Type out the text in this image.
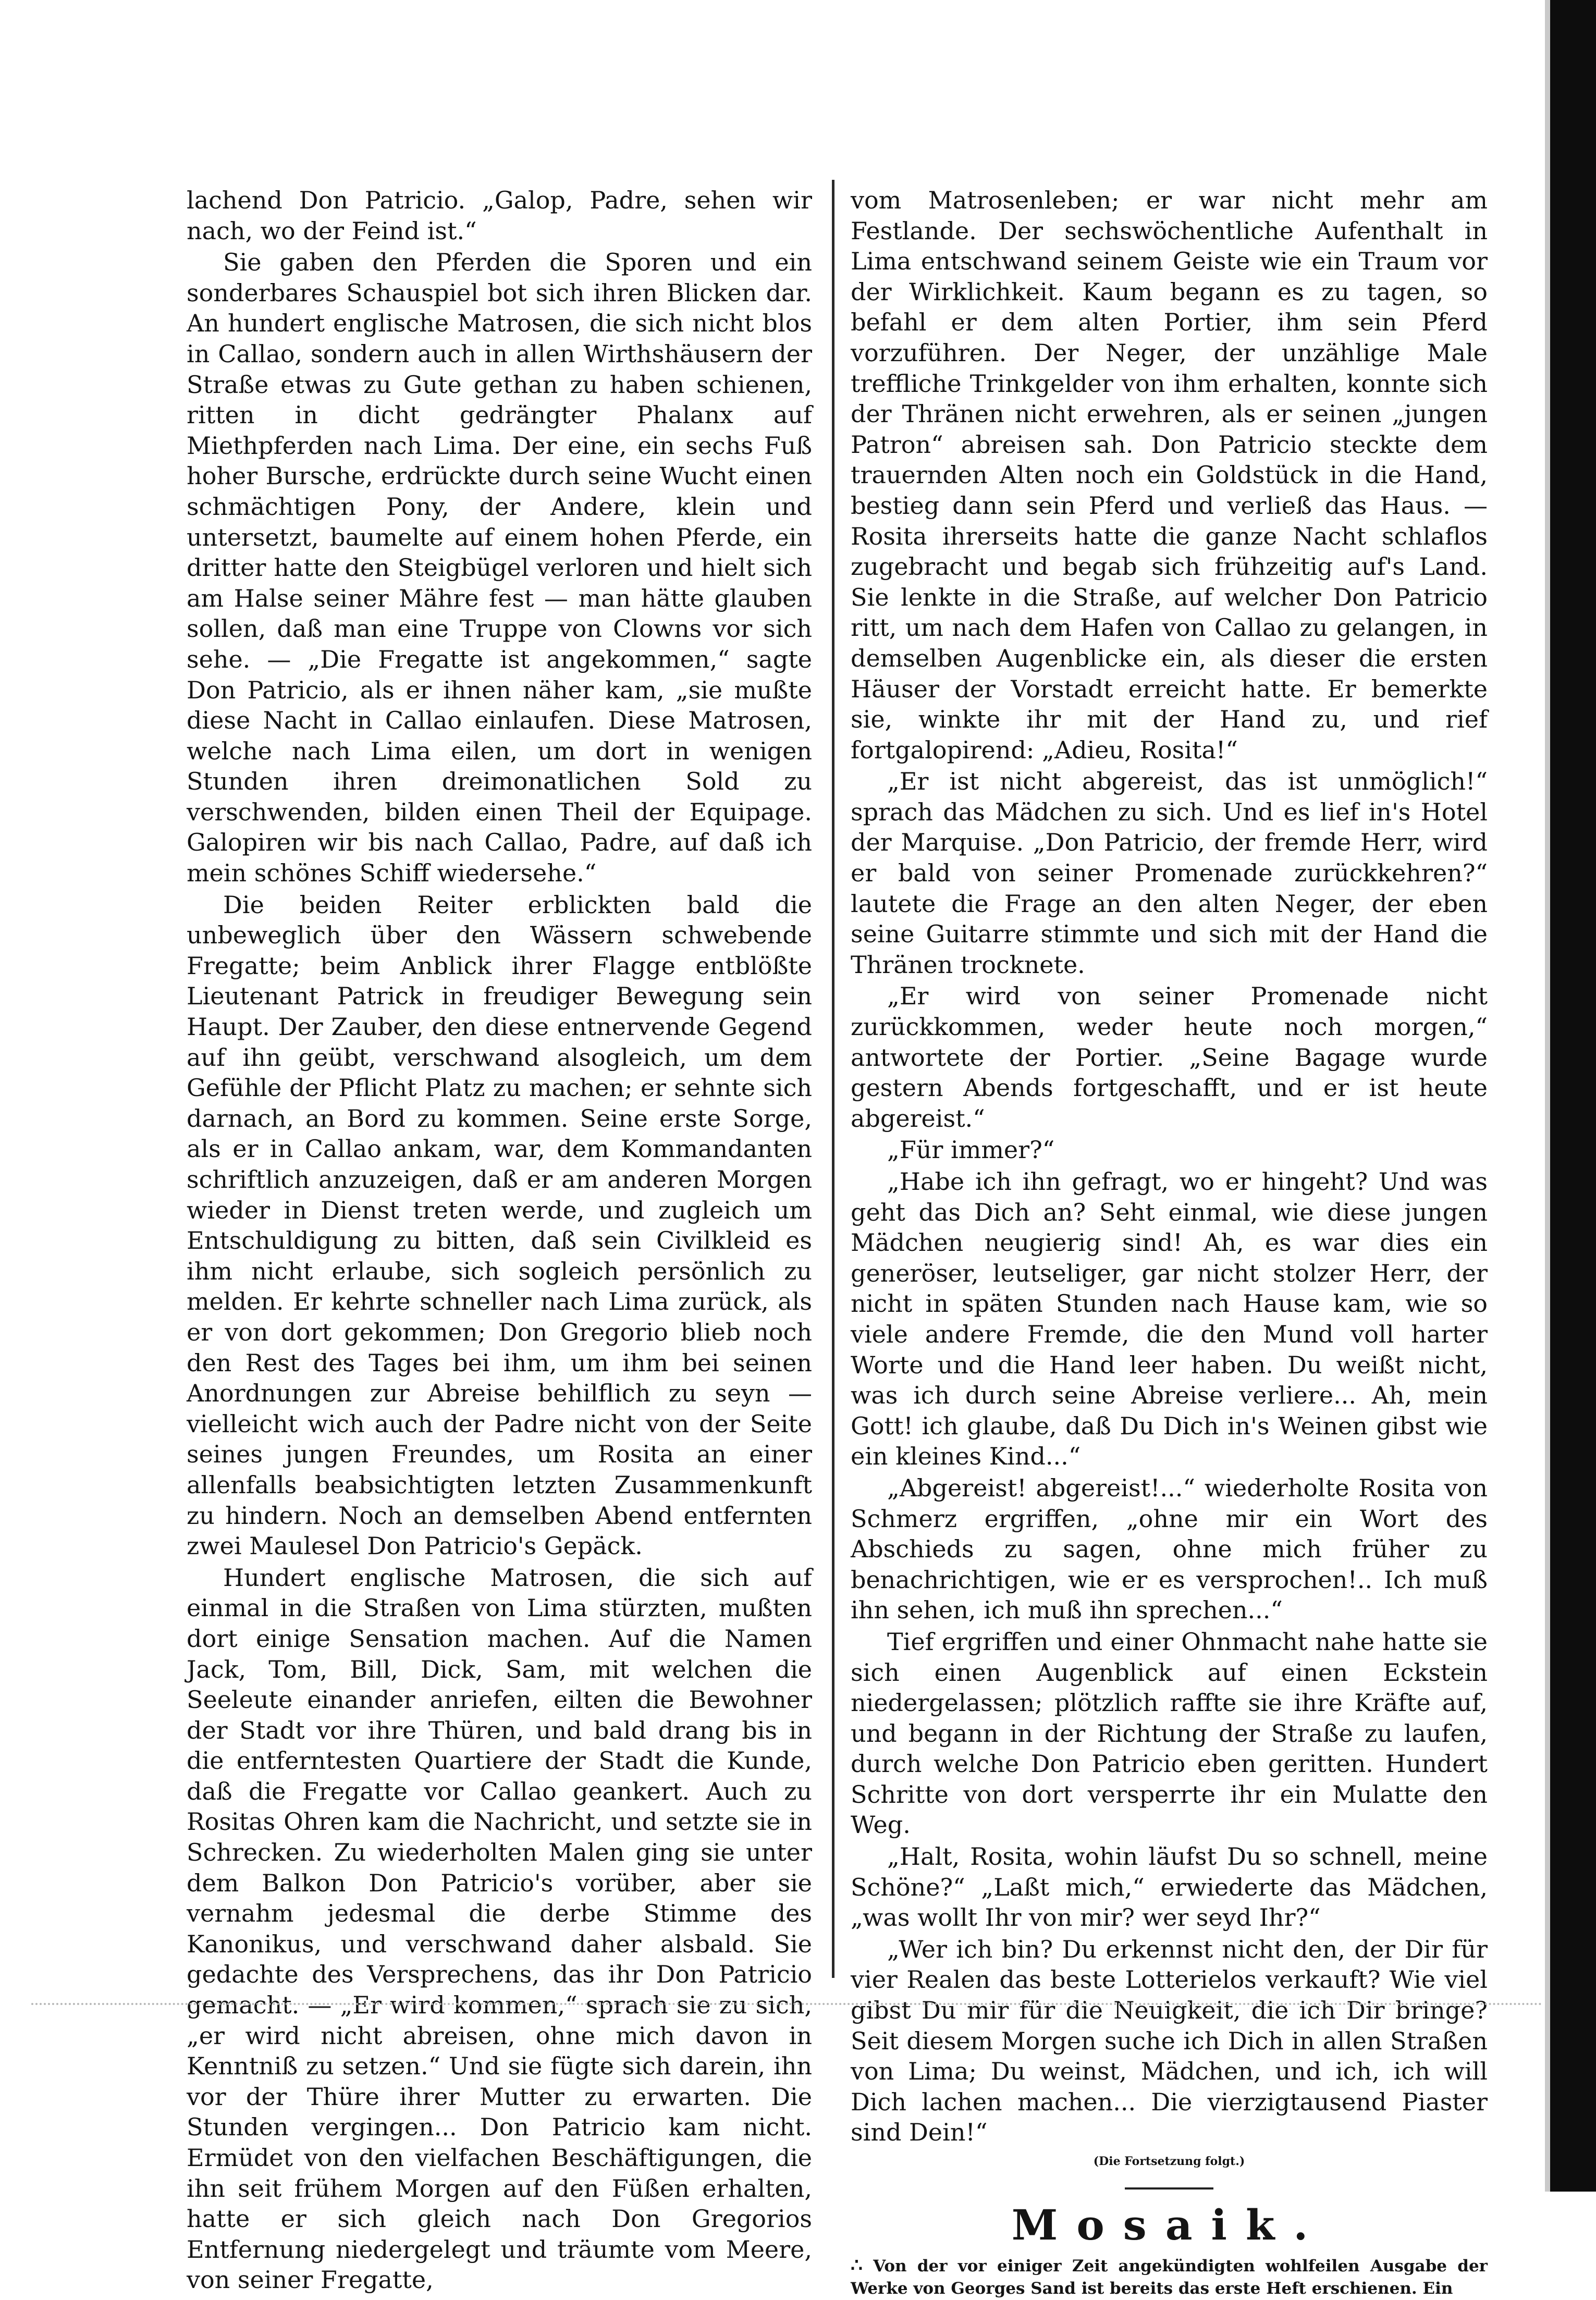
lachend Don Patricio. „Galop, Padre, sehen wir nach, wo der Feind ist.“

Sie gaben den Pferden die Sporen und ein sonderbares Schauspiel bot sich ihren Blicken dar. An hundert englische Matrosen, die sich nicht blos in Callao, sondern auch in allen Wirthshäusern der Straße etwas zu Gute gethan zu haben schienen, ritten in dicht gedrängter Phalanx auf Miethpferden nach Lima. Der eine, ein sechs Fuß hoher Bursche, erdrückte durch seine Wucht einen schmächtigen Pony, der Andere, klein und untersetzt, baumelte auf einem hohen Pferde, ein dritter hatte den Steigbügel verloren und hielt sich am Halse seiner Mähre fest — man hätte glauben sollen, daß man eine Truppe von Clowns vor sich sehe. — „Die Fregatte ist angekommen,“ sagte Don Patricio, als er ihnen näher kam, „sie mußte diese Nacht in Callao einlaufen. Diese Matrosen, welche nach Lima eilen, um dort in wenigen Stunden ihren dreimonatlichen Sold zu verschwenden, bilden einen Theil der Equipage. Galopiren wir bis nach Callao, Padre, auf daß ich mein schönes Schiff wiedersehe.“

Die beiden Reiter erblickten bald die unbeweglich über den Wässern schwebende Fregatte; beim Anblick ihrer Flagge entblößte Lieutenant Patrick in freudiger Bewegung sein Haupt. Der Zauber, den diese entnervende Gegend auf ihn geübt, verschwand alsogleich, um dem Gefühle der Pflicht Platz zu machen; er sehnte sich darnach, an Bord zu kommen. Seine erste Sorge, als er in Callao ankam, war, dem Kommandanten schriftlich anzuzeigen, daß er am anderen Morgen wieder in Dienst treten werde, und zugleich um Entschuldigung zu bitten, daß sein Civilkleid es ihm nicht erlaube, sich sogleich persönlich zu melden. Er kehrte schneller nach Lima zurück, als er von dort gekommen; Don Gregorio blieb noch den Rest des Tages bei ihm, um ihm bei seinen Anordnungen zur Abreise behilflich zu seyn — vielleicht wich auch der Padre nicht von der Seite seines jungen Freundes, um Rosita an einer allenfalls beabsichtigten letzten Zusammenkunft zu hindern. Noch an demselben Abend entfernten zwei Maulesel Don Patricio's Gepäck.

Hundert englische Matrosen, die sich auf einmal in die Straßen von Lima stürzten, mußten dort einige Sensation machen. Auf die Namen Jack, Tom, Bill, Dick, Sam, mit welchen die Seeleute einander anriefen, eilten die Bewohner der Stadt vor ihre Thüren, und bald drang bis in die entferntesten Quartiere der Stadt die Kunde, daß die Fregatte vor Callao geankert. Auch zu Rositas Ohren kam die Nachricht, und setzte sie in Schrecken. Zu wiederholten Malen ging sie unter dem Balkon Don Patricio's vorüber, aber sie vernahm jedesmal die derbe Stimme des Kanonikus, und verschwand daher alsbald. Sie gedachte des Versprechens, das ihr Don Patricio gemacht. — „Er wird kommen,“ sprach sie zu sich, „er wird nicht abreisen, ohne mich davon in Kenntniß zu setzen.“ Und sie fügte sich darein, ihn vor der Thüre ihrer Mutter zu erwarten. Die Stunden vergingen... Don Patricio kam nicht. Ermüdet von den vielfachen Beschäftigungen, die ihn seit frühem Morgen auf den Füßen erhalten, hatte er sich gleich nach Don Gregorios Entfernung niedergelegt und träumte vom Meere, von seiner Fregatte,

vom Matrosenleben; er war nicht mehr am Festlande. Der sechswöchentliche Aufenthalt in Lima entschwand seinem Geiste wie ein Traum vor der Wirklichkeit. Kaum begann es zu tagen, so befahl er dem alten Portier, ihm sein Pferd vorzuführen. Der Neger, der unzählige Male treffliche Trinkgelder von ihm erhalten, konnte sich der Thränen nicht erwehren, als er seinen „jungen Patron“ abreisen sah. Don Patricio steckte dem trauernden Alten noch ein Goldstück in die Hand, bestieg dann sein Pferd und verließ das Haus. — Rosita ihrerseits hatte die ganze Nacht schlaflos zugebracht und begab sich frühzeitig auf's Land. Sie lenkte in die Straße, auf welcher Don Patricio ritt, um nach dem Hafen von Callao zu gelangen, in demselben Augenblicke ein, als dieser die ersten Häuser der Vorstadt erreicht hatte. Er bemerkte sie, winkte ihr mit der Hand zu, und rief fortgalopirend: „Adieu, Rosita!“

„Er ist nicht abgereist, das ist unmöglich!“ sprach das Mädchen zu sich. Und es lief in's Hotel der Marquise. „Don Patricio, der fremde Herr, wird er bald von seiner Promenade zurückkehren?“ lautete die Frage an den alten Neger, der eben seine Guitarre stimmte und sich mit der Hand die Thränen trocknete.

„Er wird von seiner Promenade nicht zurückkommen, weder heute noch morgen,“ antwortete der Portier. „Seine Bagage wurde gestern Abends fortgeschafft, und er ist heute abgereist.“

„Für immer?“

„Habe ich ihn gefragt, wo er hingeht? Und was geht das Dich an? Seht einmal, wie diese jungen Mädchen neugierig sind! Ah, es war dies ein generöser, leutseliger, gar nicht stolzer Herr, der nicht in späten Stunden nach Hause kam, wie so viele andere Fremde, die den Mund voll harter Worte und die Hand leer haben. Du weißt nicht, was ich durch seine Abreise verliere... Ah, mein Gott! ich glaube, daß Du Dich in's Weinen gibst wie ein kleines Kind...“

„Abgereist! abgereist!...“ wiederholte Rosita von Schmerz ergriffen, „ohne mir ein Wort des Abschieds zu sagen, ohne mich früher zu benachrichtigen, wie er es versprochen!.. Ich muß ihn sehen, ich muß ihn sprechen...“

Tief ergriffen und einer Ohnmacht nahe hatte sie sich einen Augenblick auf einen Eckstein niedergelassen; plötzlich raffte sie ihre Kräfte auf, und begann in der Richtung der Straße zu laufen, durch welche Don Patricio eben geritten. Hundert Schritte von dort versperrte ihr ein Mulatte den Weg.

„Halt, Rosita, wohin läufst Du so schnell, meine Schöne?“ „Laßt mich,“ erwiederte das Mädchen, „was wollt Ihr von mir? wer seyd Ihr?“

„Wer ich bin? Du erkennst nicht den, der Dir für vier Realen das beste Lotterielos verkauft? Wie viel gibst Du mir für die Neuigkeit, die ich Dir bringe? Seit diesem Morgen suche ich Dich in allen Straßen von Lima; Du weinst, Mädchen, und ich, ich will Dich lachen machen... Die vierzigtausend Piaster sind Dein!“

(Die Fortsetzung folgt.)

Mosaik.

∴ Von der vor einiger Zeit angekündigten wohlfeilen Ausgabe der Werke von Georges Sand ist bereits das erste Heft erschienen. Ein
